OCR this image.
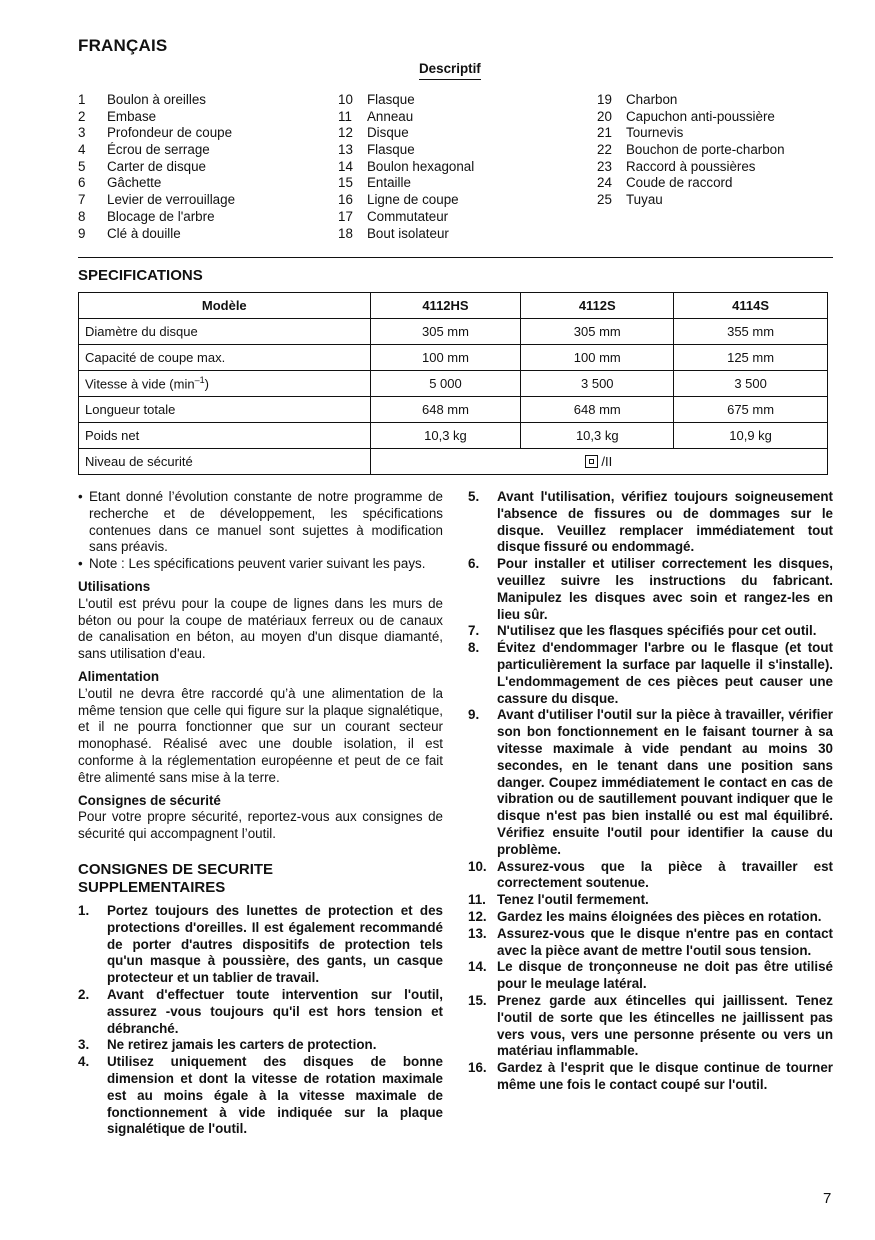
FRANÇAIS
Descriptif
1	Boulon à oreilles
2	Embase
3	Profondeur de coupe
4	Écrou de serrage
5	Carter de disque
6	Gâchette
7	Levier de verrouillage
8	Blocage de l'arbre
9	Clé à douille
10	Flasque
11	Anneau
12	Disque
13	Flasque
14	Boulon hexagonal
15	Entaille
16	Ligne de coupe
17	Commutateur
18	Bout isolateur
19	Charbon
20	Capuchon anti-poussière
21	Tournevis
22	Bouchon de porte-charbon
23	Raccord à poussières
24	Coude de raccord
25	Tuyau
SPECIFICATIONS
Modèle	4112HS	4112S	4114S
Diamètre du disque	305 mm	305 mm	355 mm
Capacité de coupe max.	100 mm	100 mm	125 mm
Vitesse à vide $(\min^{-1})$	5 000	3 500	3 500
Longueur totale	648 mm	648 mm	675 mm
Poids net	10,3 kg	10,3 kg	10,9 kg
Niveau de sécurité	/II		
• Etant donné l’évolution constante de notre programme de recherche et de développement, les spécifications contenues dans ce manuel sont sujettes à modification sans préavis.
• Note : Les spécifications peuvent varier suivant les pays.
Utilisations
L'outil est prévu pour la coupe de lignes dans les murs de béton ou pour la coupe de matériaux ferreux ou de canaux de canalisation en béton, au moyen d'un disque diamanté, sans utilisation d'eau.
Alimentation
L’outil ne devra être raccordé qu’à une alimentation de la même tension que celle qui figure sur la plaque signalétique, et il ne pourra fonctionner que sur un courant secteur monophasé. Réalisé avec une double isolation, il est conforme à la réglementation européenne et peut de ce fait être alimenté sans mise à la terre.
Consignes de sécurité
Pour votre propre sécurité, reportez-vous aux consignes de sécurité qui accompagnent l’outil.
CONSIGNES DE SECURITE
SUPPLEMENTAIRES
1.	Portez toujours des lunettes de protection et des protections d'oreilles. Il est également recommandé de porter d'autres dispositifs de protection tels qu'un masque à poussière, des gants, un casque protecteur et un tablier de travail.
2.	Avant d'effectuer toute intervention sur l'outil, assurez -vous toujours qu'il est hors tension et débranché.
3.	Ne retirez jamais les carters de protection.
4.	Utilisez uniquement des disques de bonne dimension et dont la vitesse de rotation maximale est au moins égale à la vitesse maximale de fonctionnement à vide indiquée sur la plaque signalétique de l'outil.
5.	Avant l'utilisation, vérifiez toujours soigneusement l'absence de fissures ou de dommages sur le disque. Veuillez remplacer immédiatement tout disque fissuré ou endommagé.
6.	Pour installer et utiliser correctement les disques, veuillez suivre les instructions du fabricant. Manipulez les disques avec soin et rangez-les en lieu sûr.
7.	N'utilisez que les flasques spécifiés pour cet outil.
8.	Évitez d'endommager l'arbre ou le flasque (et tout particulièrement la surface par laquelle il s'installe). L'endommagement de ces pièces peut causer une cassure du disque.
9.	Avant d'utiliser l'outil sur la pièce à travailler, vérifier son bon fonctionnement en le faisant tourner à sa vitesse maximale à vide pendant au moins 30 secondes, en le tenant dans une position sans danger. Coupez immédiatement le contact en cas de vibration ou de sautillement pouvant indiquer que le disque n'est pas bien installé ou est mal équilibré. Vérifiez ensuite l'outil pour identifier la cause du problème.
10. Assurez-vous que la pièce à travailler est correctement soutenue.
11. Tenez l'outil fermement.
12. Gardez les mains éloignées des pièces en rotation.
13. Assurez-vous que le disque n'entre pas en contact avec la pièce avant de mettre l'outil sous tension.
14. Le disque de tronçonneuse ne doit pas être utilisé pour le meulage latéral.
15. Prenez garde aux étincelles qui jaillissent. Tenez l'outil de sorte que les étincelles ne jaillissent pas vers vous, vers une personne présente ou vers un matériau inflammable.
16. Gardez à l'esprit que le disque continue de tourner même une fois le contact coupé sur l'outil.
7
